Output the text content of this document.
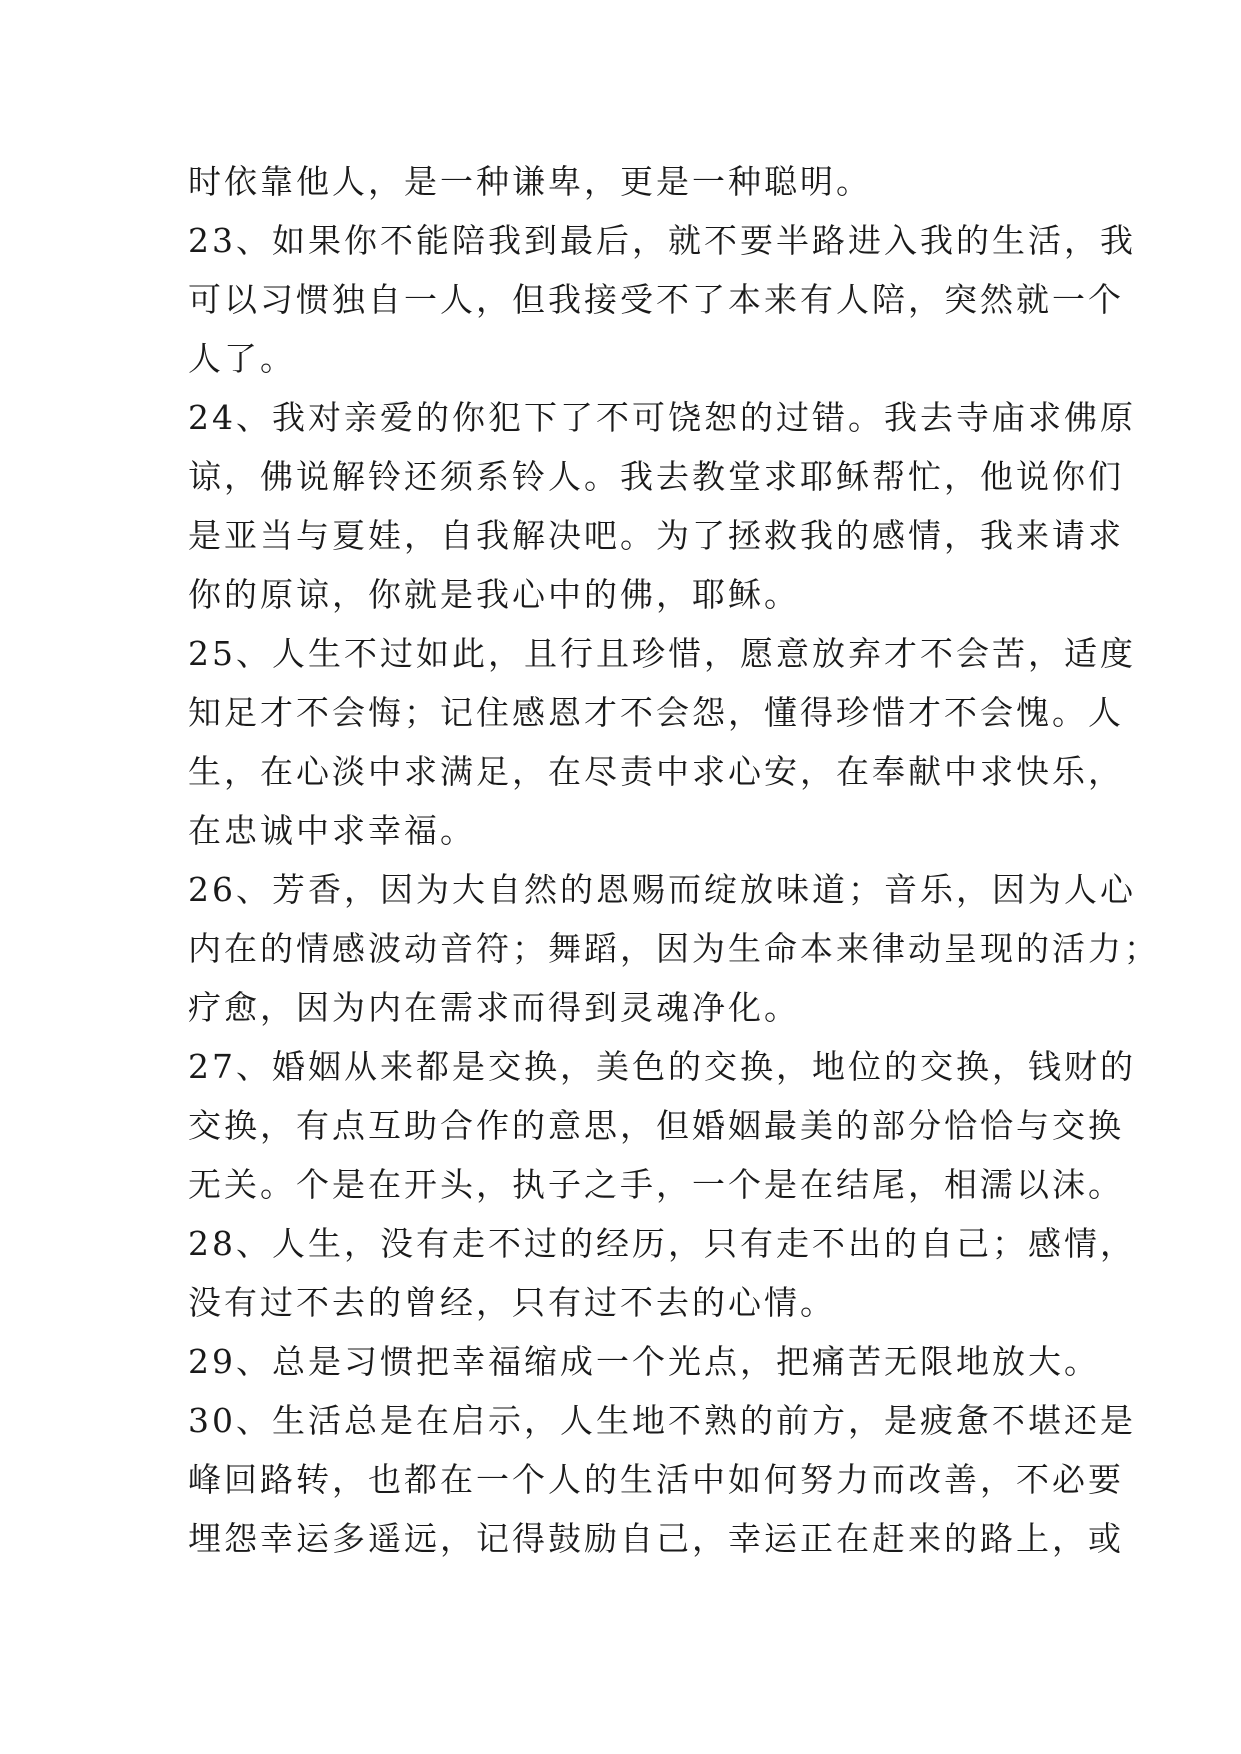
时依靠他人，是一种谦卑，更是一种聪明。
23、如果你不能陪我到最后，就不要半路进入我的生活，我
可以习惯独自一人，但我接受不了本来有人陪，突然就一个
人了。
24、我对亲爱的你犯下了不可饶恕的过错。我去寺庙求佛原
谅，佛说解铃还须系铃人。我去教堂求耶稣帮忙，他说你们
是亚当与夏娃，自我解决吧。为了拯救我的感情，我来请求
你的原谅，你就是我心中的佛，耶稣。
25、人生不过如此，且行且珍惜，愿意放弃才不会苦，适度
知足才不会悔；记住感恩才不会怨，懂得珍惜才不会愧。人
生，在心淡中求满足，在尽责中求心安，在奉献中求快乐，
在忠诚中求幸福。
26、芳香，因为大自然的恩赐而绽放味道；音乐，因为人心
内在的情感波动音符；舞蹈，因为生命本来律动呈现的活力；
疗愈，因为内在需求而得到灵魂净化。
27、婚姻从来都是交换，美色的交换，地位的交换，钱财的
交换，有点互助合作的意思，但婚姻最美的部分恰恰与交换
无关。个是在开头，执子之手，一个是在结尾，相濡以沫。
28、人生，没有走不过的经历，只有走不出的自己；感情，
没有过不去的曾经，只有过不去的心情。
29、总是习惯把幸福缩成一个光点，把痛苦无限地放大。
30、生活总是在启示，人生地不熟的前方，是疲惫不堪还是
峰回路转，也都在一个人的生活中如何努力而改善，不必要
埋怨幸运多遥远，记得鼓励自己，幸运正在赶来的路上，或
